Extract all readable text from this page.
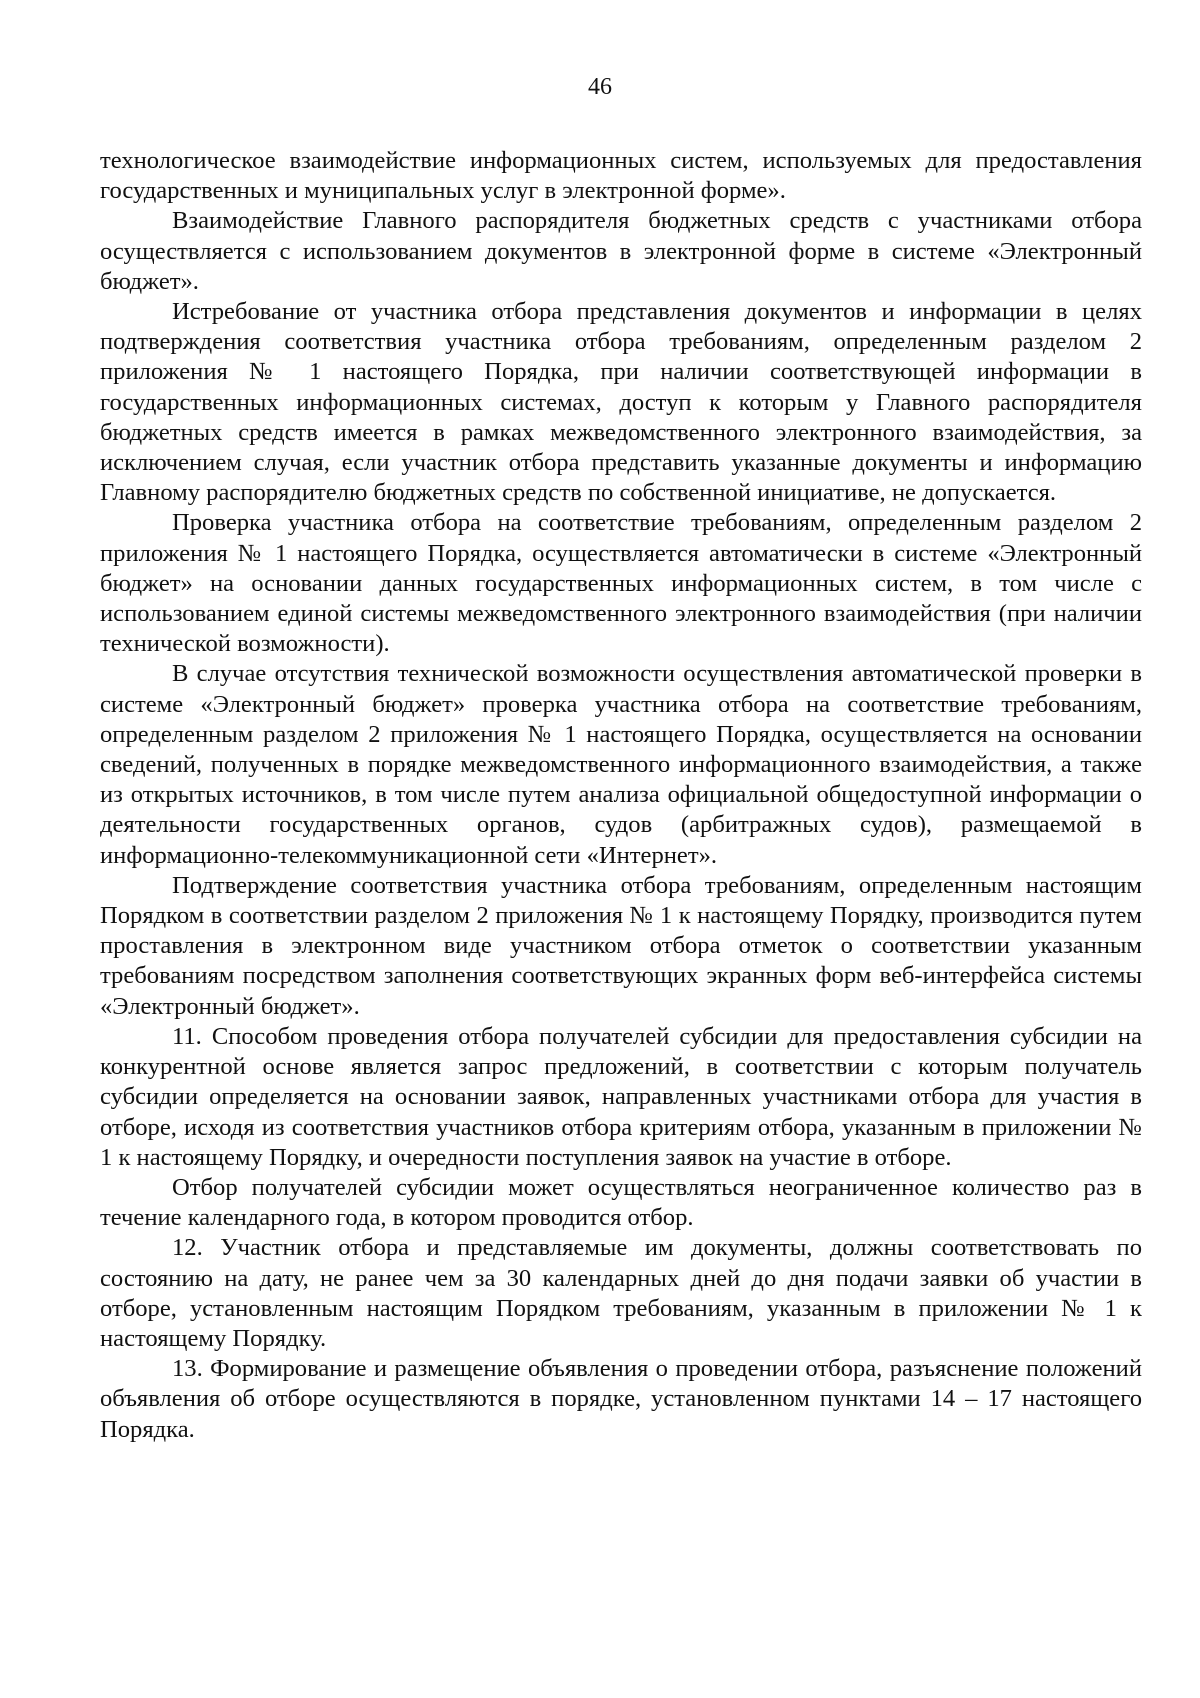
46

технологическое взаимодействие информационных систем, используемых для предоставления государственных и муниципальных услуг в электронной форме».

Взаимодействие Главного распорядителя бюджетных средств с участниками отбора осуществляется с использованием документов в электронной форме в системе «Электронный бюджет».

Истребование от участника отбора представления документов и информации в целях подтверждения соответствия участника отбора требованиям, определенным разделом 2 приложения № 1 настоящего Порядка, при наличии соответствующей информации в государственных информационных системах, доступ к которым у Главного распорядителя бюджетных средств имеется в рамках межведомственного электронного взаимодействия, за исключением случая, если участник отбора представить указанные документы и информацию Главному распорядителю бюджетных средств по собственной инициативе, не допускается.

Проверка участника отбора на соответствие требованиям, определенным разделом 2 приложения № 1 настоящего Порядка, осуществляется автоматически в системе «Электронный бюджет» на основании данных государственных информационных систем, в том числе с использованием единой системы межведомственного электронного взаимодействия (при наличии технической возможности).

В случае отсутствия технической возможности осуществления автоматической проверки в системе «Электронный бюджет» проверка участника отбора на соответствие требованиям, определенным разделом 2 приложения № 1 настоящего Порядка, осуществляется на основании сведений, полученных в порядке межведомственного информационного взаимодействия, а также из открытых источников, в том числе путем анализа официальной общедоступной информации о деятельности государственных органов, судов (арбитражных судов), размещаемой в информационно-телекоммуникационной сети «Интернет».

Подтверждение соответствия участника отбора требованиям, определенным настоящим Порядком в соответствии разделом 2 приложения № 1 к настоящему Порядку, производится путем проставления в электронном виде участником отбора отметок о соответствии указанным требованиям посредством заполнения соответствующих экранных форм веб-интерфейса системы «Электронный бюджет».

11. Способом проведения отбора получателей субсидии для предоставления субсидии на конкурентной основе является запрос предложений, в соответствии с которым получатель субсидии определяется на основании заявок, направленных участниками отбора для участия в отборе, исходя из соответствия участников отбора критериям отбора, указанным в приложении № 1 к настоящему Порядку, и очередности поступления заявок на участие в отборе.

Отбор получателей субсидии может осуществляться неограниченное количество раз в течение календарного года, в котором проводится отбор.

12. Участник отбора и представляемые им документы, должны соответствовать по состоянию на дату, не ранее чем за 30 календарных дней до дня подачи заявки об участии в отборе, установленным настоящим Порядком требованиям, указанным в приложении № 1 к настоящему Порядку.

13. Формирование и размещение объявления о проведении отбора, разъяснение положений объявления об отборе осуществляются в порядке, установленном пунктами 14 – 17 настоящего Порядка.
